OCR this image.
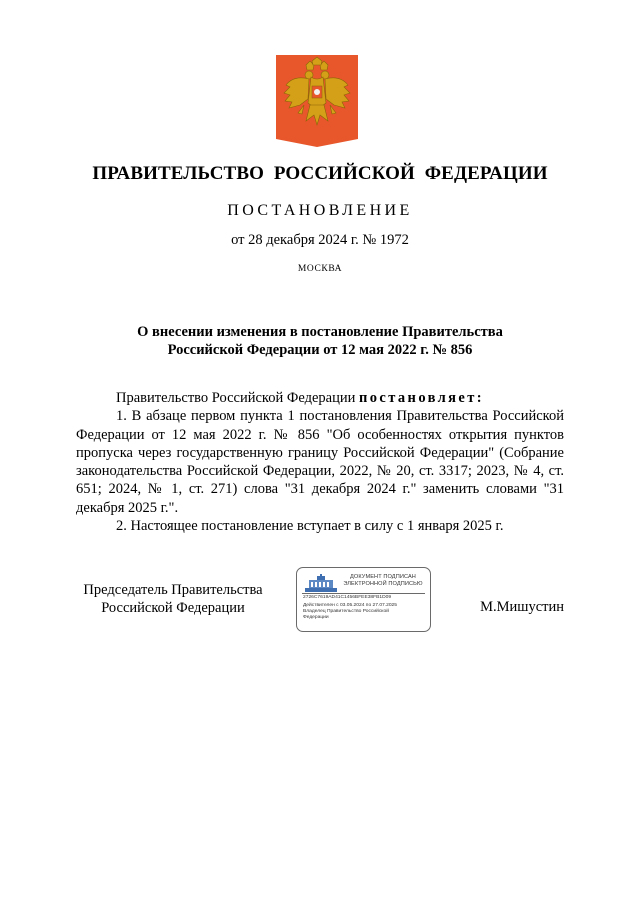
ПРАВИТЕЛЬСТВО РОССИЙСКОЙ ФЕДЕРАЦИИ
ПОСТАНОВЛЕНИЕ
от 28 декабря 2024 г. № 1972
МОСКВА
О внесении изменения в постановление Правительства
Российской Федерации от 12 мая 2022 г. № 856

Правительство Российской Федерации постановляет:

1. В абзаце первом пункта 1 постановления Правительства Российской Федерации от 12 мая 2022 г. № 856 "Об особенностях открытия пунктов пропуска через государственную границу Российской Федерации" (Собрание законодательства Российской Федерации, 2022, № 20, ст. 3317; 2023, № 4, ст. 651; 2024, № 1, ст. 271) слова "31 декабря 2024 г." заменить словами "31 декабря 2025 г.".

2. Настоящее постановление вступает в силу с 1 января 2025 г.

Председатель Правительства
Российской Федерации	М.Мишустин
ДОКУМЕНТ ПОДПИСАН
ЭЛЕКТРОННОЙ ПОДПИСЬЮ
2726C7619AD41C1456BFEE38FB1D09
Действителен с 03.05.2024 по 27.07.2025
Владелец Правительство Российской
Федерации
